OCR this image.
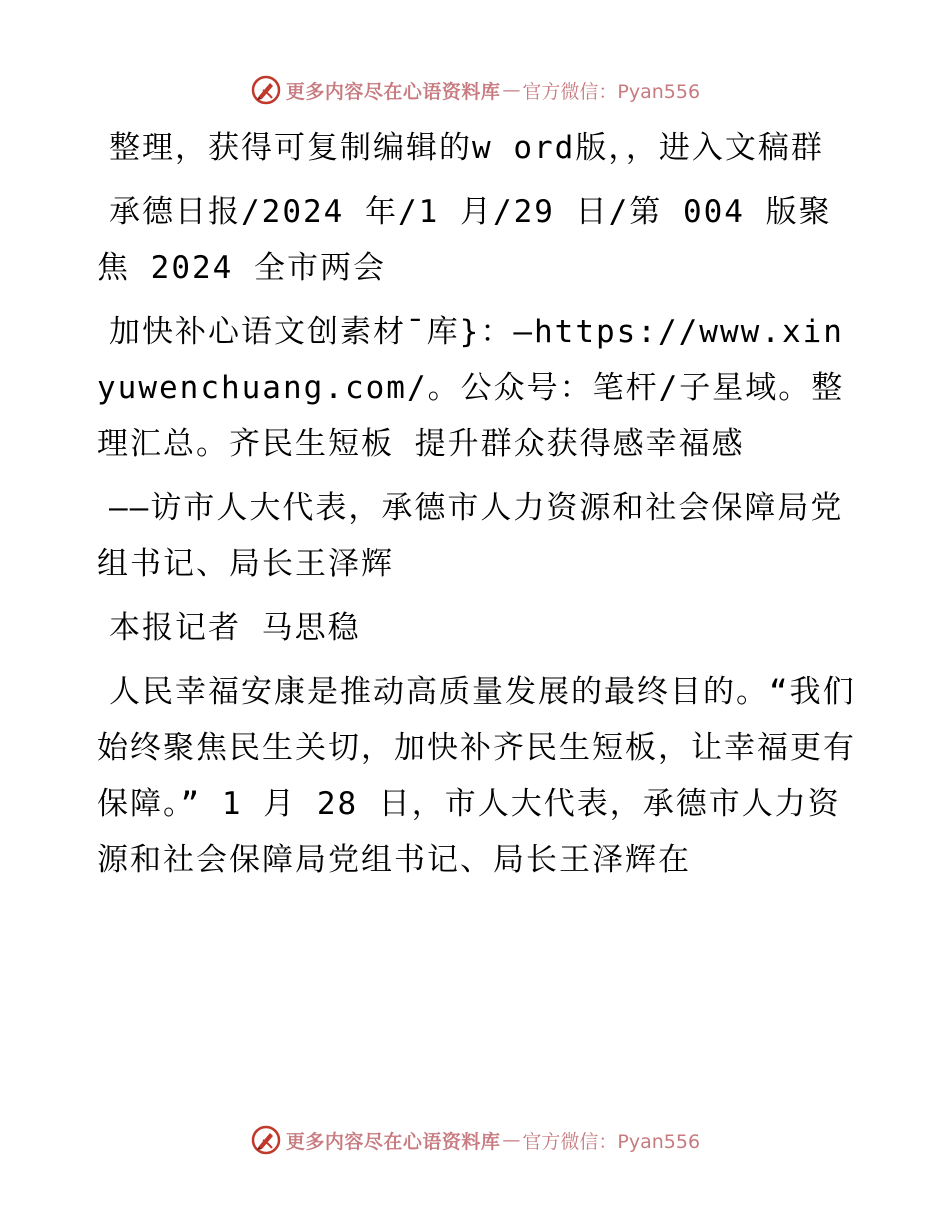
更多内容尽在心语资料库 — 官方微信：Pyan556

整理，获得可复制编辑的w ord版，，进入文稿群

承德日报/2024 年/1 月/29 日/第 004 版聚焦 2024 全市两会

加快补心语文创素材¯库}：—https://www.xinyuwenchuang.com/。公众号：笔杆/子星域。整理汇总。齐民生短板 提升群众获得感幸福感

——访市人大代表，承德市人力资源和社会保障局党组书记、局长王泽辉

本报记者 马思稳

人民幸福安康是推动高质量发展的最终目的。“我们始终聚焦民生关切，加快补齐民生短板，让幸福更有保障。” 1 月 28 日，市人大代表，承德市人力资源和社会保障局党组书记、局长王泽辉在

更多内容尽在心语资料库 — 官方微信：Pyan556
